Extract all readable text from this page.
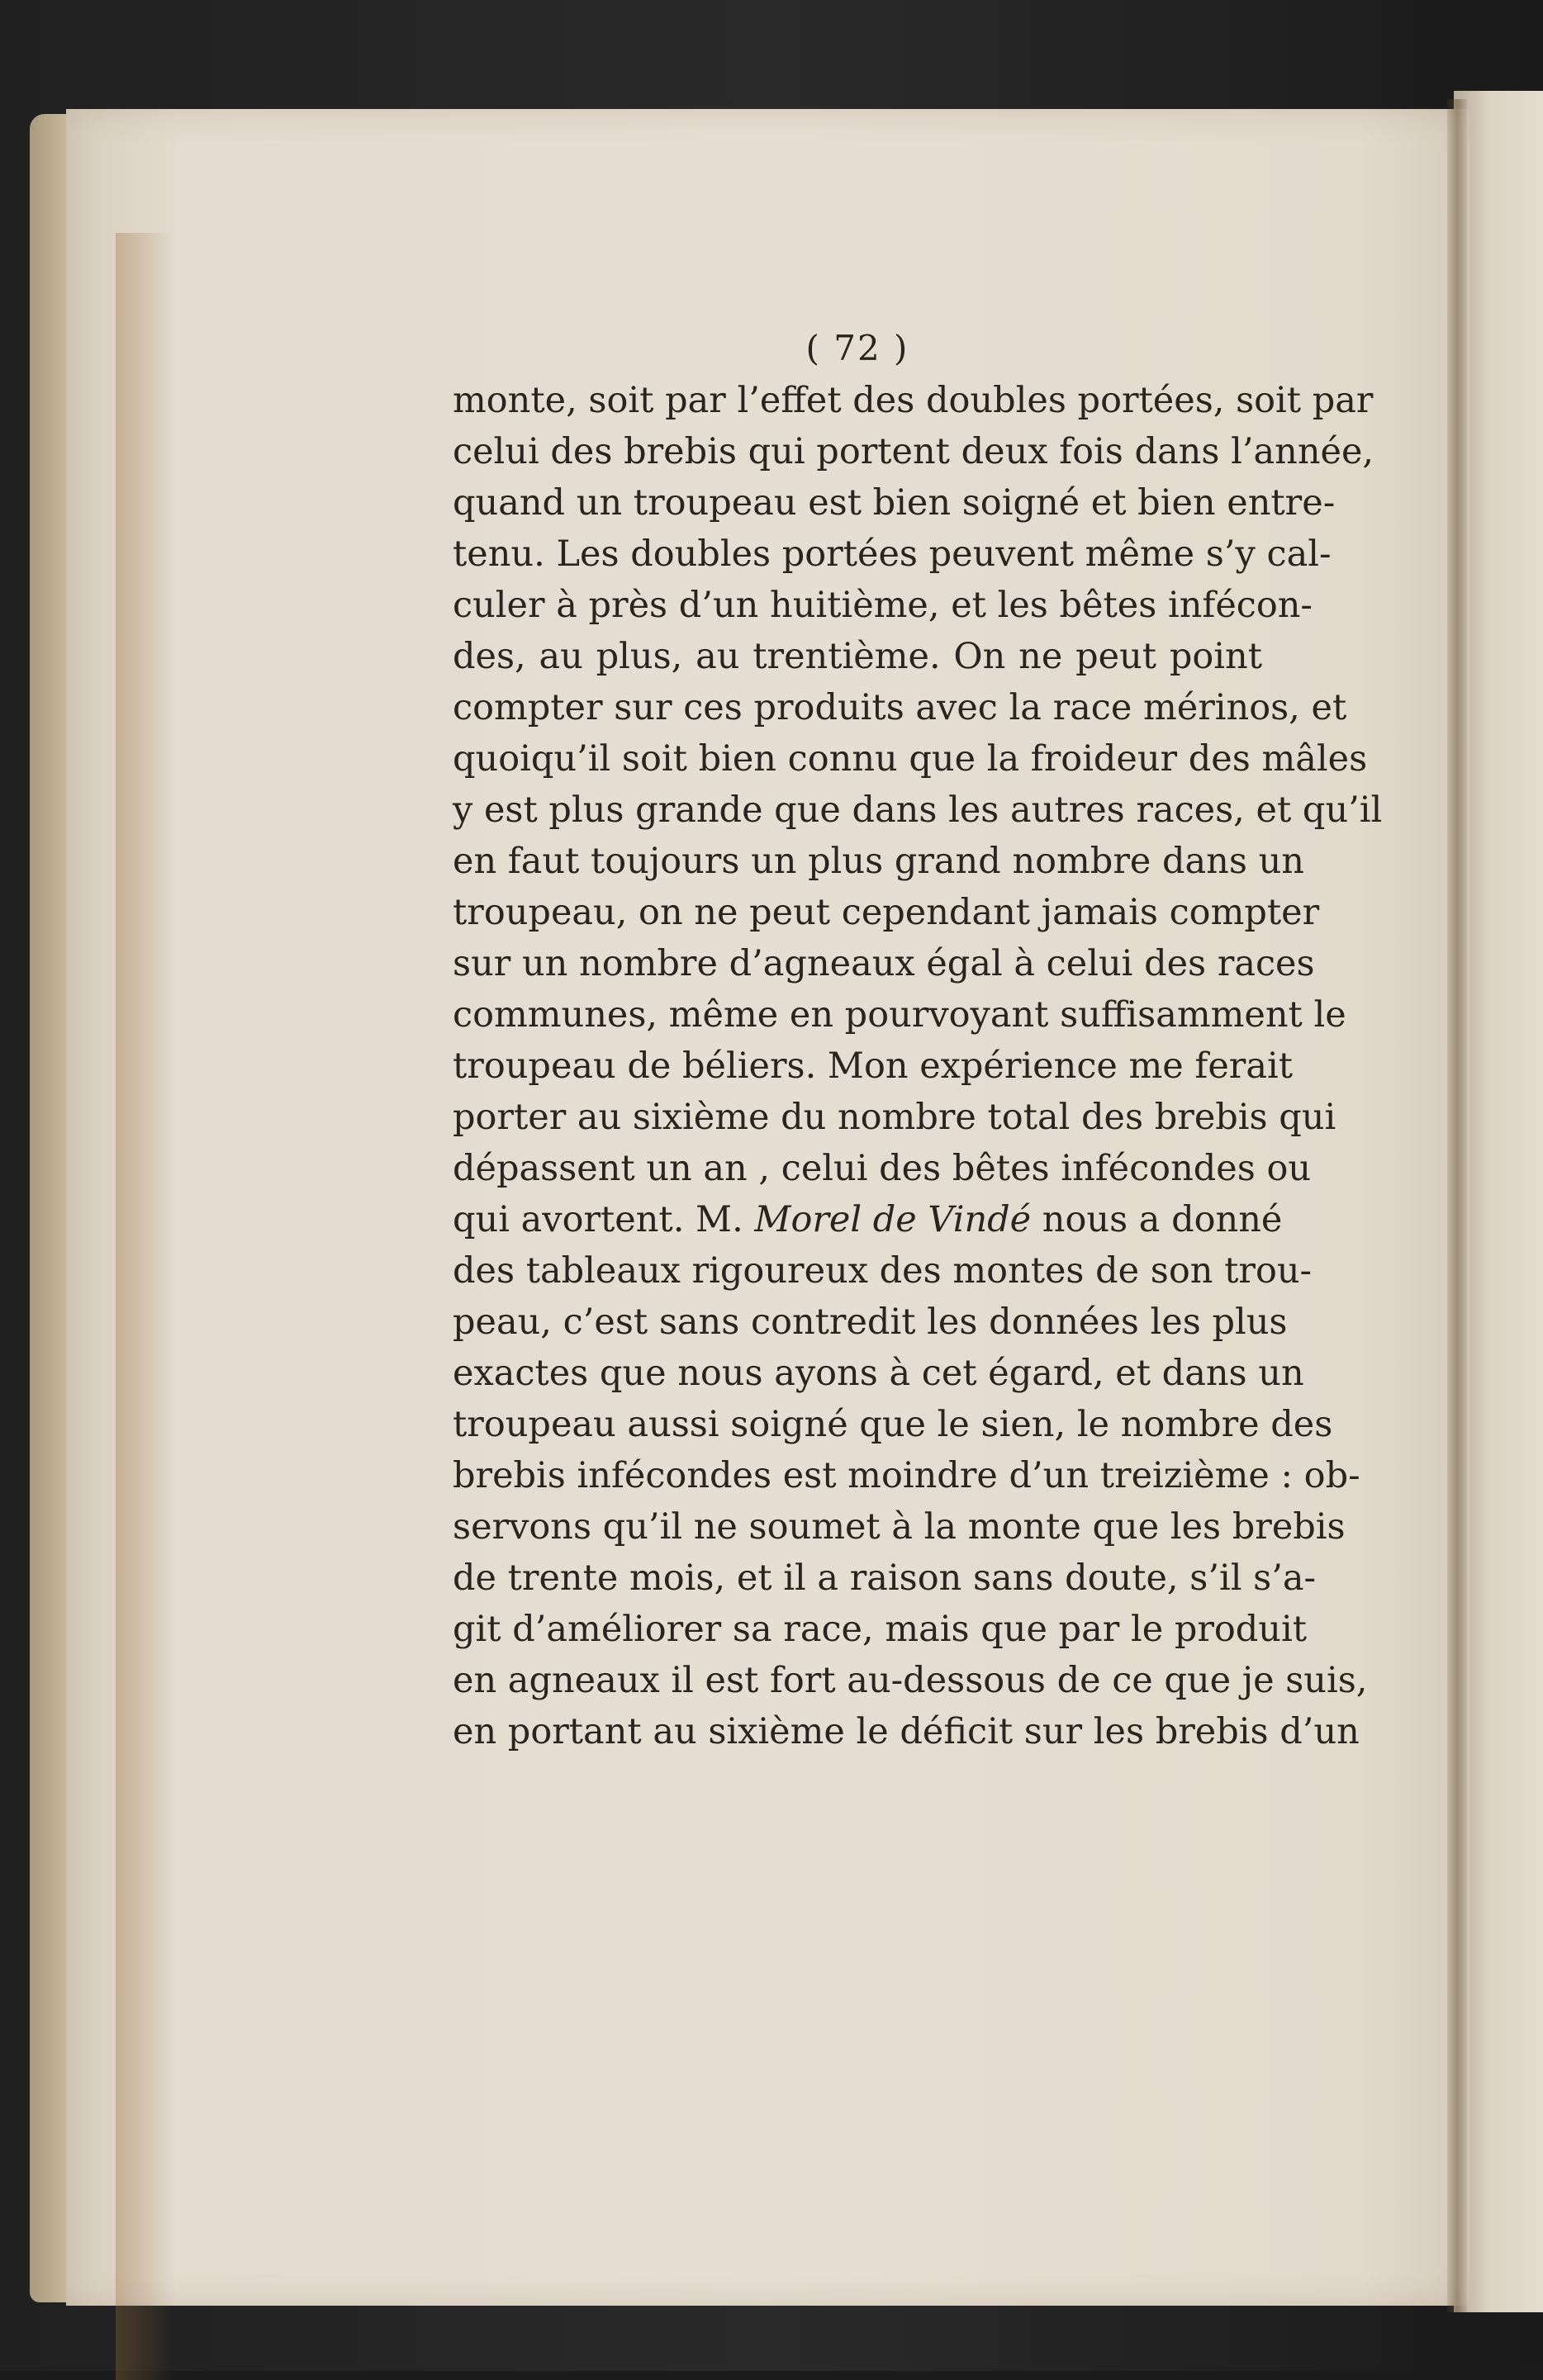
( 72 )
monte, soit par l’effet des doubles portées, soit par
celui des brebis qui portent deux fois dans l’année,
quand un troupeau est bien soigné et bien entre-
tenu. Les doubles portées peuvent même s’y cal-
culer à près d’un huitième, et les bêtes infécon-
des, au plus, au trentième. On ne peut point
compter sur ces produits avec la race mérinos, et
quoiqu’il soit bien connu que la froideur des mâles
y est plus grande que dans les autres races, et qu’il
en faut toujours un plus grand nombre dans un
troupeau, on ne peut cependant jamais compter
sur un nombre d’agneaux égal à celui des races
communes, même en pourvoyant suffisamment le
troupeau de béliers. Mon expérience me ferait
porter au sixième du nombre total des brebis qui
dépassent un an , celui des bêtes infécondes ou
qui avortent. M. Morel de Vindé nous a donné
des tableaux rigoureux des montes de son trou-
peau, c’est sans contredit les données les plus
exactes que nous ayons à cet égard, et dans un
troupeau aussi soigné que le sien, le nombre des
brebis infécondes est moindre d’un treizième : ob-
servons qu’il ne soumet à la monte que les brebis
de trente mois, et il a raison sans doute, s’il s’a-
git d’améliorer sa race, mais que par le produit
en agneaux il est fort au-dessous de ce que je suis,
en portant au sixième le déficit sur les brebis d’un
